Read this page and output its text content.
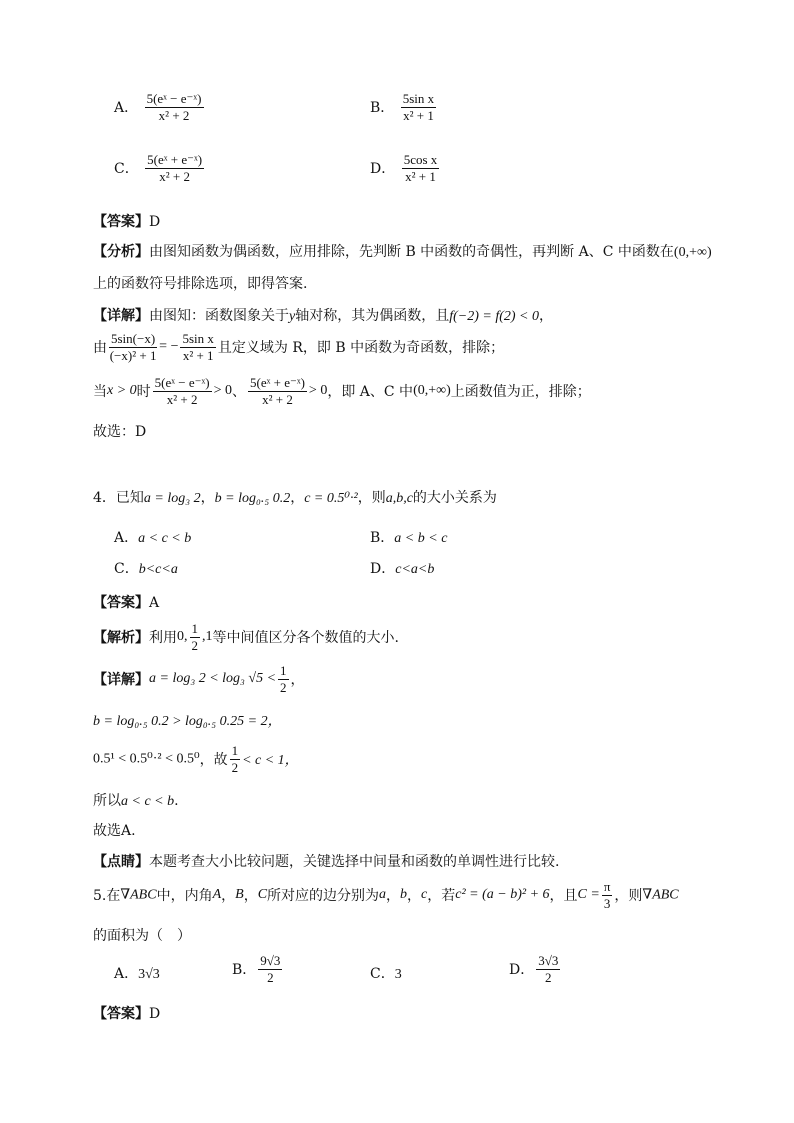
A． $\frac{\text{5(eˣ − e⁻ˣ)}}{\text{x² + 2}}$	B． $\frac{\text{5sin x}}{\text{x² + 1}}$
C． $\frac{\text{5(eˣ + e⁻ˣ)}}{\text{x² + 2}}$	D． $\frac{\text{5cos x}}{\text{x² + 1}}$
【答案】D
【分析】由图知函数为偶函数，应用排除，先判断 B 中函数的奇偶性，再判断 A、C 中函数在(0,+∞)
上的函数符号排除选项，即得答案.
【详解】由图知：函数图象关于y轴对称，其为偶函数，且f(−2) = f(2) < 0，
由 $\frac{5\sin(-x)}{\text{(−x)² + 1}}$ = − $\frac{\text{5sin x}}{\text{x² + 1}}$ 且定义域为 R，即 B 中函数为奇函数，排除；
当x > 0时 $\frac{\text{5(eˣ − e⁻ˣ)}}{\text{x² + 2}} > 0$、 $\frac{\text{5(eˣ + e⁻ˣ)}}{\text{x² + 2}} > 0$，即 A、C 中(0,+∞)上函数值为正，排除；
故选：D
4．已知a = log₃ 2，b = log₀.₅ 0.2，c = 0.5⁰·²，则a,b,c的大小关系为
A．a < c < b	B．a < b < c
C．b<c<a	D．c<a<b
【答案】A
【解析】利用0, $\frac{1}{2} ,1$等中间值区分各个数值的大小.
【详解】a = log₃ 2 < log₃ $√5 < \frac{1}{2}$ ，
b = log₀.₅ 0.2 > log₀.₅ 0.25 = 2，
0.5¹ < 0.5⁰·² < 0.5⁰，故 $\frac{1}{2} < c < 1$，
所以a < c < b.
故选A.
【点睛】本题考查大小比较问题，关键选择中间量和函数的单调性进行比较.
5.在∇ABC中，内角A，B，C所对应的边分别为a，b，c，若c² = (a − b)² + 6，且$C = \frac{\pi}{3}$ ，则∇ABC
的面积为（　）
A．3√3	B． $\frac{9√3}{2}$	C．3	D． $\frac{3√3}{2}$
【答案】D
